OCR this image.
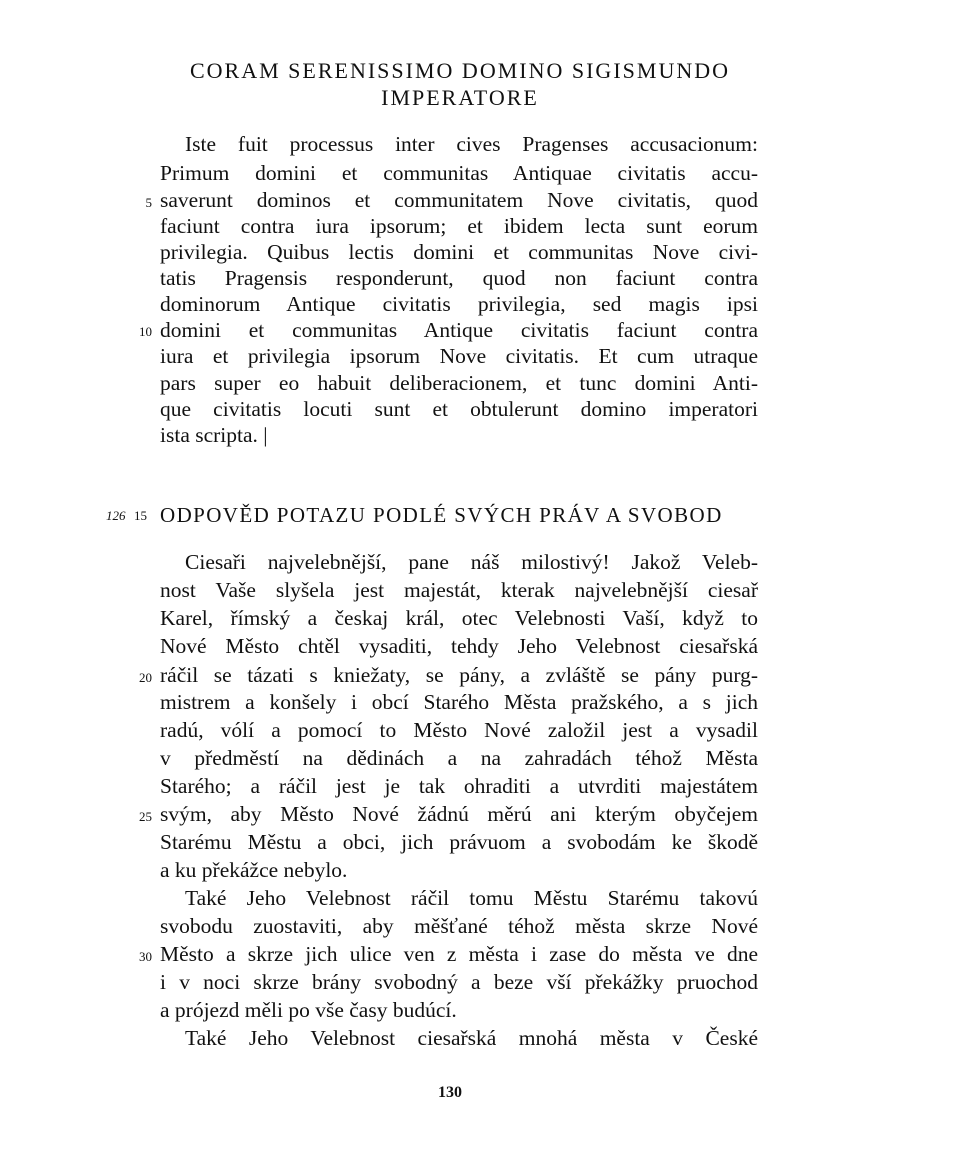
CORAM SERENISSIMO DOMINO SIGISMUNDO
IMPERATORE
Iste fuit processus inter cives Pragenses accusacionum:
Primum domini et communitas Antiquae civitatis accu-
saverunt dominos et communitatem Nove civitatis, quod
faciunt contra iura ipsorum; et ibidem lecta sunt eorum
privilegia. Quibus lectis domini et communitas Nove civi-
tatis Pragensis responderunt, quod non faciunt contra
dominorum Antique civitatis privilegia, sed magis ipsi
domini et communitas Antique civitatis faciunt contra
iura et privilegia ipsorum Nove civitatis. Et cum utraque
pars super eo habuit deliberacionem, et tunc domini Anti-
que civitatis locuti sunt et obtulerunt domino imperatori
ista scripta. |
5
10
126 15 ODPOVĚD POTAZU PODLÉ SVÝCH PRÁV A SVOBOD
Ciesaři najvelebnější, pane náš milostivý! Jakož Veleb-
nost Vaše slyšela jest majestát, kterak najvelebnější ciesař
Karel, římský a českaj král, otec Velebnosti Vaší, když to
Nové Město chtěl vysaditi, tehdy Jeho Velebnost ciesařská
ráčil se tázati s kniežaty, se pány, a zvláště se pány purg-
mistrem a konšely i obcí Starého Města pražského, a s jich
radú, vólí a pomocí to Město Nové založil jest a vysadil
v předměstí na dědinách a na zahradách téhož Města
Starého; a ráčil jest je tak ohraditi a utvrditi majestátem
svým, aby Město Nové žádnú měrú ani kterým obyčejem
Starému Městu a obci, jich právuom a svobodám ke škodě
a ku překážce nebylo.
Také Jeho Velebnost ráčil tomu Městu Starému takovú
svobodu zuostaviti, aby měšťané téhož města skrze Nové
Město a skrze jich ulice ven z města i zase do města ve dne
i v noci skrze brány svobodný a beze vší překážky pruochod
a prójezd měli po vše časy budúcí.
Také Jeho Velebnost ciesařská mnohá města v České
20
25
30
130
